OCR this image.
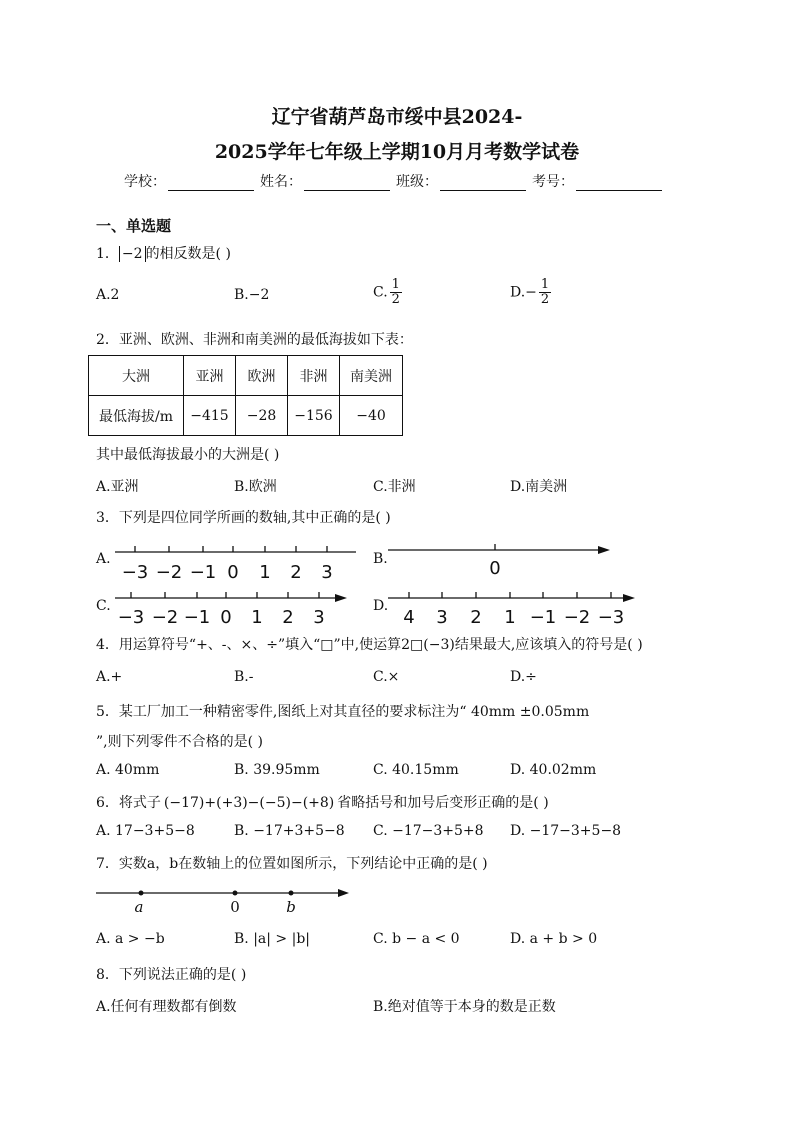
辽宁省葫芦岛市绥中县2024-
2025学年七年级上学期10月月考数学试卷
学校：	姓名：	班级：	考号：
一、单选题
1． −2 的相反数是( )
A.2	B.−2	C. $\frac{1}{2}$	$D.- \frac{1}{2}$
2．亚洲、欧洲、非洲和南美洲的最低海拔如下表：
大洲	亚洲	欧洲	非洲	南美洲
最低海拔/m	−415	−28	−156	−40
其中最低海拔最小的大洲是( )
A.亚洲	B.欧洲	C.非洲	D.南美洲
3．下列是四位同学所画的数轴,其中正确的是( )
A.
−3 −2 −1 0 1 2 3
B.	0
C.
−3 −2 −1 0 1 2 3
D.
4 3 2 1 −1 −2 −3
4．用运算符号“+、-、×、÷”填入“□”中,使运算2□(−3)结果最大,应该填入的符号是( )
A.+	B.-	C.×	D.÷
5．某工厂加工一种精密零件,图纸上对其直径的要求标注为“ 40mm ±0.05mm
”,则下列零件不合格的是( )
A. 40mm	B. 39.95mm	C. 40.15mm	D. 40.02mm
6．将式子 (−17)+(+3)−(−5)−(+8) 省略括号和加号后变形正确的是( )
A. 17−3+5−8	B. −17+3+5−8 C. −17−3+5+8 D. −17−3+5−8
7．实数a，b在数轴上的位置如图所示，下列结论中正确的是( )
a	0	b
A. a > −b	B. |a| > |b|	C. b − a < 0	D. a + b > 0
8．下列说法正确的是( )
A.任何有理数都有倒数	B.绝对值等于本身的数是正数
